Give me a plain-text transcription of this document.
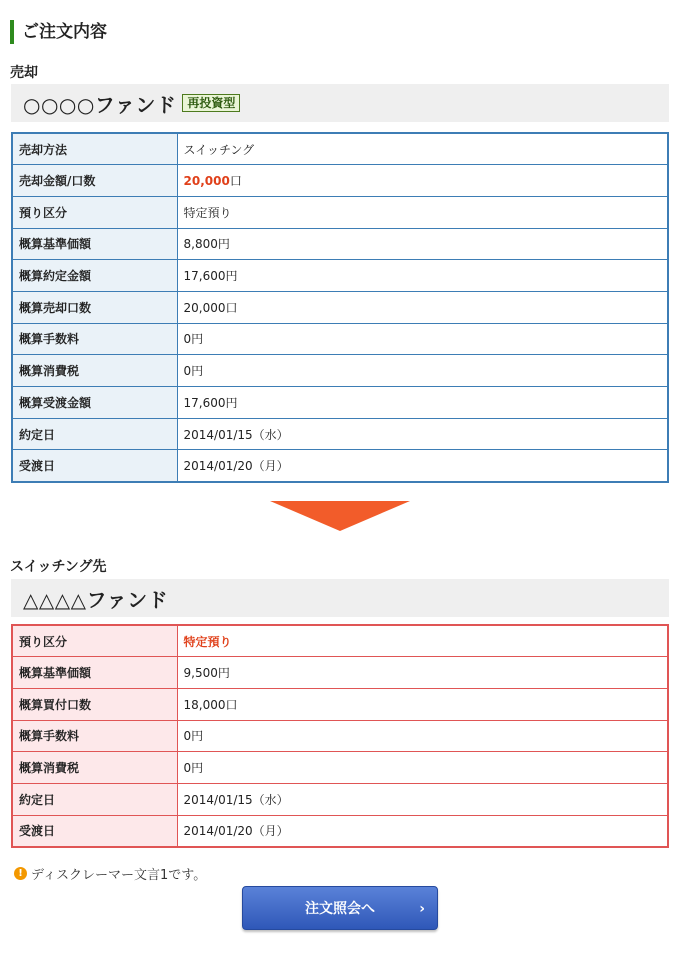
ご注文内容
売却
○○○○ファンド 再投資型
売却方法	スイッチング
売却金額/口数	20,000口
預り区分	特定預り
概算基準価額	8,800円
概算約定金額	17,600円
概算売却口数	20,000口
概算手数料	0円
概算消費税	0円
概算受渡金額	17,600円
約定日	2014/01/15（水）
受渡日	2014/01/20（月）
スイッチング先
△△△△ファンド
預り区分	特定預り
概算基準価額	9,500円
概算買付口数	18,000口
概算手数料	0円
概算消費税	0円
約定日	2014/01/15（水）
受渡日	2014/01/20（月）
! ディスクレーマー文言1です。
注文照会へ	›
